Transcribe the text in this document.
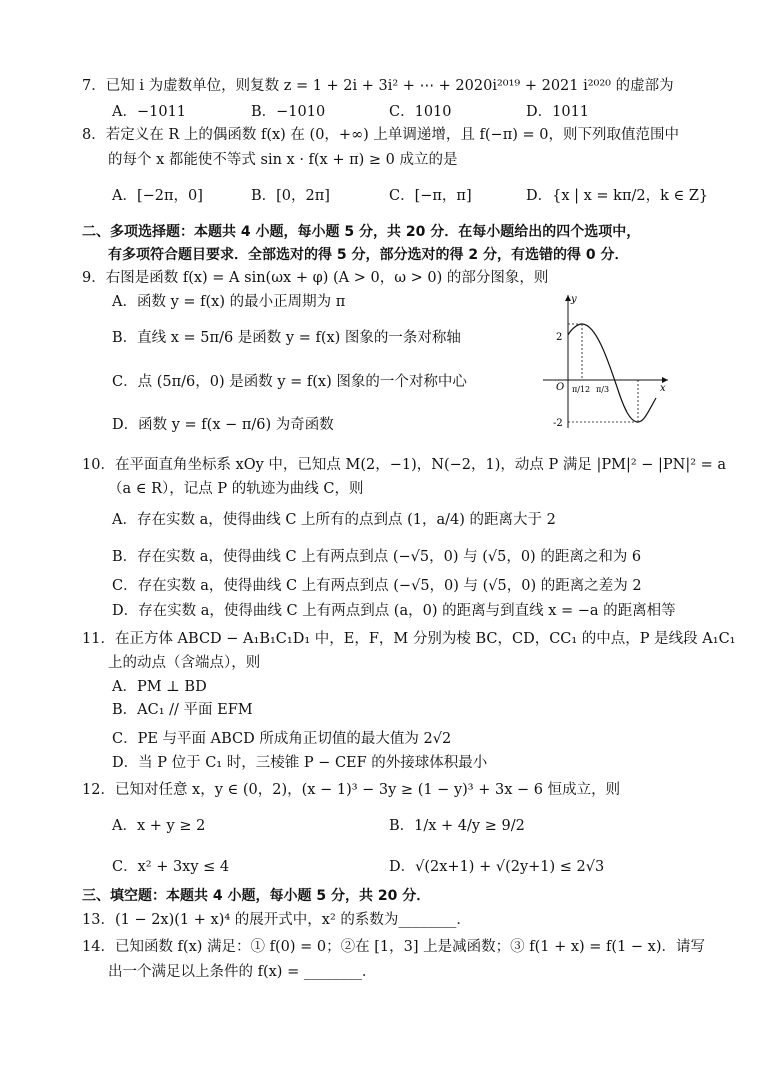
7．已知 i 为虚数单位，则复数 z = 1 + 2i + 3i² + ⋯ + 2020i²⁰¹⁹ + 2021 i²⁰²⁰ 的虚部为
A．−1011	B．−1010	C．1010	D．1011
8．若定义在 R 上的偶函数 f(x) 在 (0，+∞) 上单调递增，且 f(−π) = 0，则下列取值范围中
的每个 x 都能使不等式 sin x · f(x + π) ≥ 0 成立的是
A．[−2π，0]	B．[0，2π]	C．[−π，π]	D．{x | x = kπ/2，k ∈ Z}
二、多项选择题：本题共 4 小题，每小题 5 分，共 20 分．在每小题给出的四个选项中，
有多项符合题目要求．全部选对的得 5 分，部分选对的得 2 分，有选错的得 0 分．
9．右图是函数 f(x) = A sin(ωx + φ) (A > 0，ω > 0) 的部分图象，则
A．函数 y = f(x) 的最小正周期为 π
B．直线 x = 5π/6 是函数 y = f(x) 图象的一条对称轴
C．点 (5π/6，0) 是函数 y = f(x) 图象的一个对称中心
D．函数 y = f(x − π/6) 为奇函数
y
x
O
2
-2
π/12 π/3
10．在平面直角坐标系 xOy 中，已知点 M(2，−1)，N(−2，1)，动点 P 满足 |PM|² − |PN|² = a
（a ∈ R），记点 P 的轨迹为曲线 C，则
A．存在实数 a，使得曲线 C 上所有的点到点 (1，a/4) 的距离大于 2
B．存在实数 a，使得曲线 C 上有两点到点 (−√5，0) 与 (√5，0) 的距离之和为 6
C．存在实数 a，使得曲线 C 上有两点到点 (−√5，0) 与 (√5，0) 的距离之差为 2
D．存在实数 a，使得曲线 C 上有两点到点 (a，0) 的距离与到直线 x = −a 的距离相等
11．在正方体 ABCD − A₁B₁C₁D₁ 中，E，F，M 分别为棱 BC，CD，CC₁ 的中点，P 是线段 A₁C₁
上的动点（含端点），则
A．PM ⊥ BD
B．AC₁ // 平面 EFM
C．PE 与平面 ABCD 所成角正切值的最大值为 2√2
D．当 P 位于 C₁ 时，三棱锥 P − CEF 的外接球体积最小
12．已知对任意 x，y ∈ (0，2)，(x − 1)³ − 3y ≥ (1 − y)³ + 3x − 6 恒成立，则
A．x + y ≥ 2	B．1/x + 4/y ≥ 9/2
C．x² + 3xy ≤ 4	D．√(2x+1) + √(2y+1) ≤ 2√3
三、填空题：本题共 4 小题，每小题 5 分，共 20 分．
13．(1 − 2x)(1 + x)⁴ 的展开式中，x² 的系数为________．
14．已知函数 f(x) 满足：① f(0) = 0；②在 [1，3] 上是减函数；③ f(1 + x) = f(1 − x)．请写
出一个满足以上条件的 f(x) = ________．
